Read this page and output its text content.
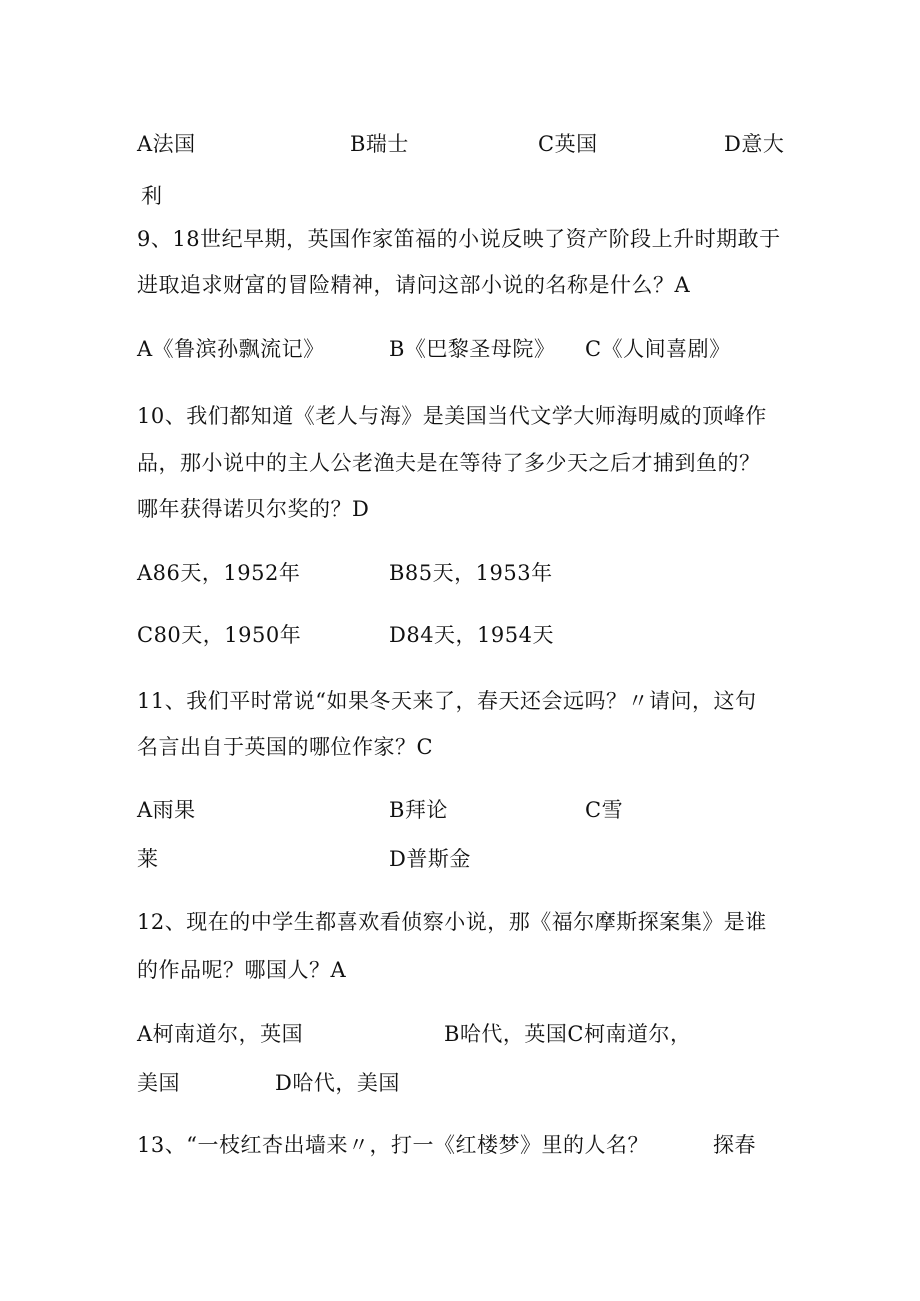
A法国	B瑞士	C英国	D意大
利
9、18世纪早期，英国作家笛福的小说反映了资产阶段上升时期敢于
进取追求财富的冒险精神，请问这部小说的名称是什么？A
A《鲁滨孙飘流记》	B《巴黎圣母院》 C《人间喜剧》
10、我们都知道《老人与海》是美国当代文学大师海明威的顶峰作
品，那小说中的主人公老渔夫是在等待了多少天之后才捕到鱼的？
哪年获得诺贝尔奖的？D
A86天，1952年	B85天，1953年
C80天，1950年	D84天，1954天
11、我们平时常说“如果冬天来了，春天还会远吗？〃请问，这句
名言出自于英国的哪位作家？C
A雨果	B拜论	C雪
莱	D普斯金
12、现在的中学生都喜欢看侦察小说，那《福尔摩斯探案集》是谁
的作品呢？哪国人？A
A柯南道尔，英国	B哈代，英国C柯南道尔，
美国	D哈代，美国
13、“一枝红杏出墙来〃，打一《红楼梦》里的人名？	探春
